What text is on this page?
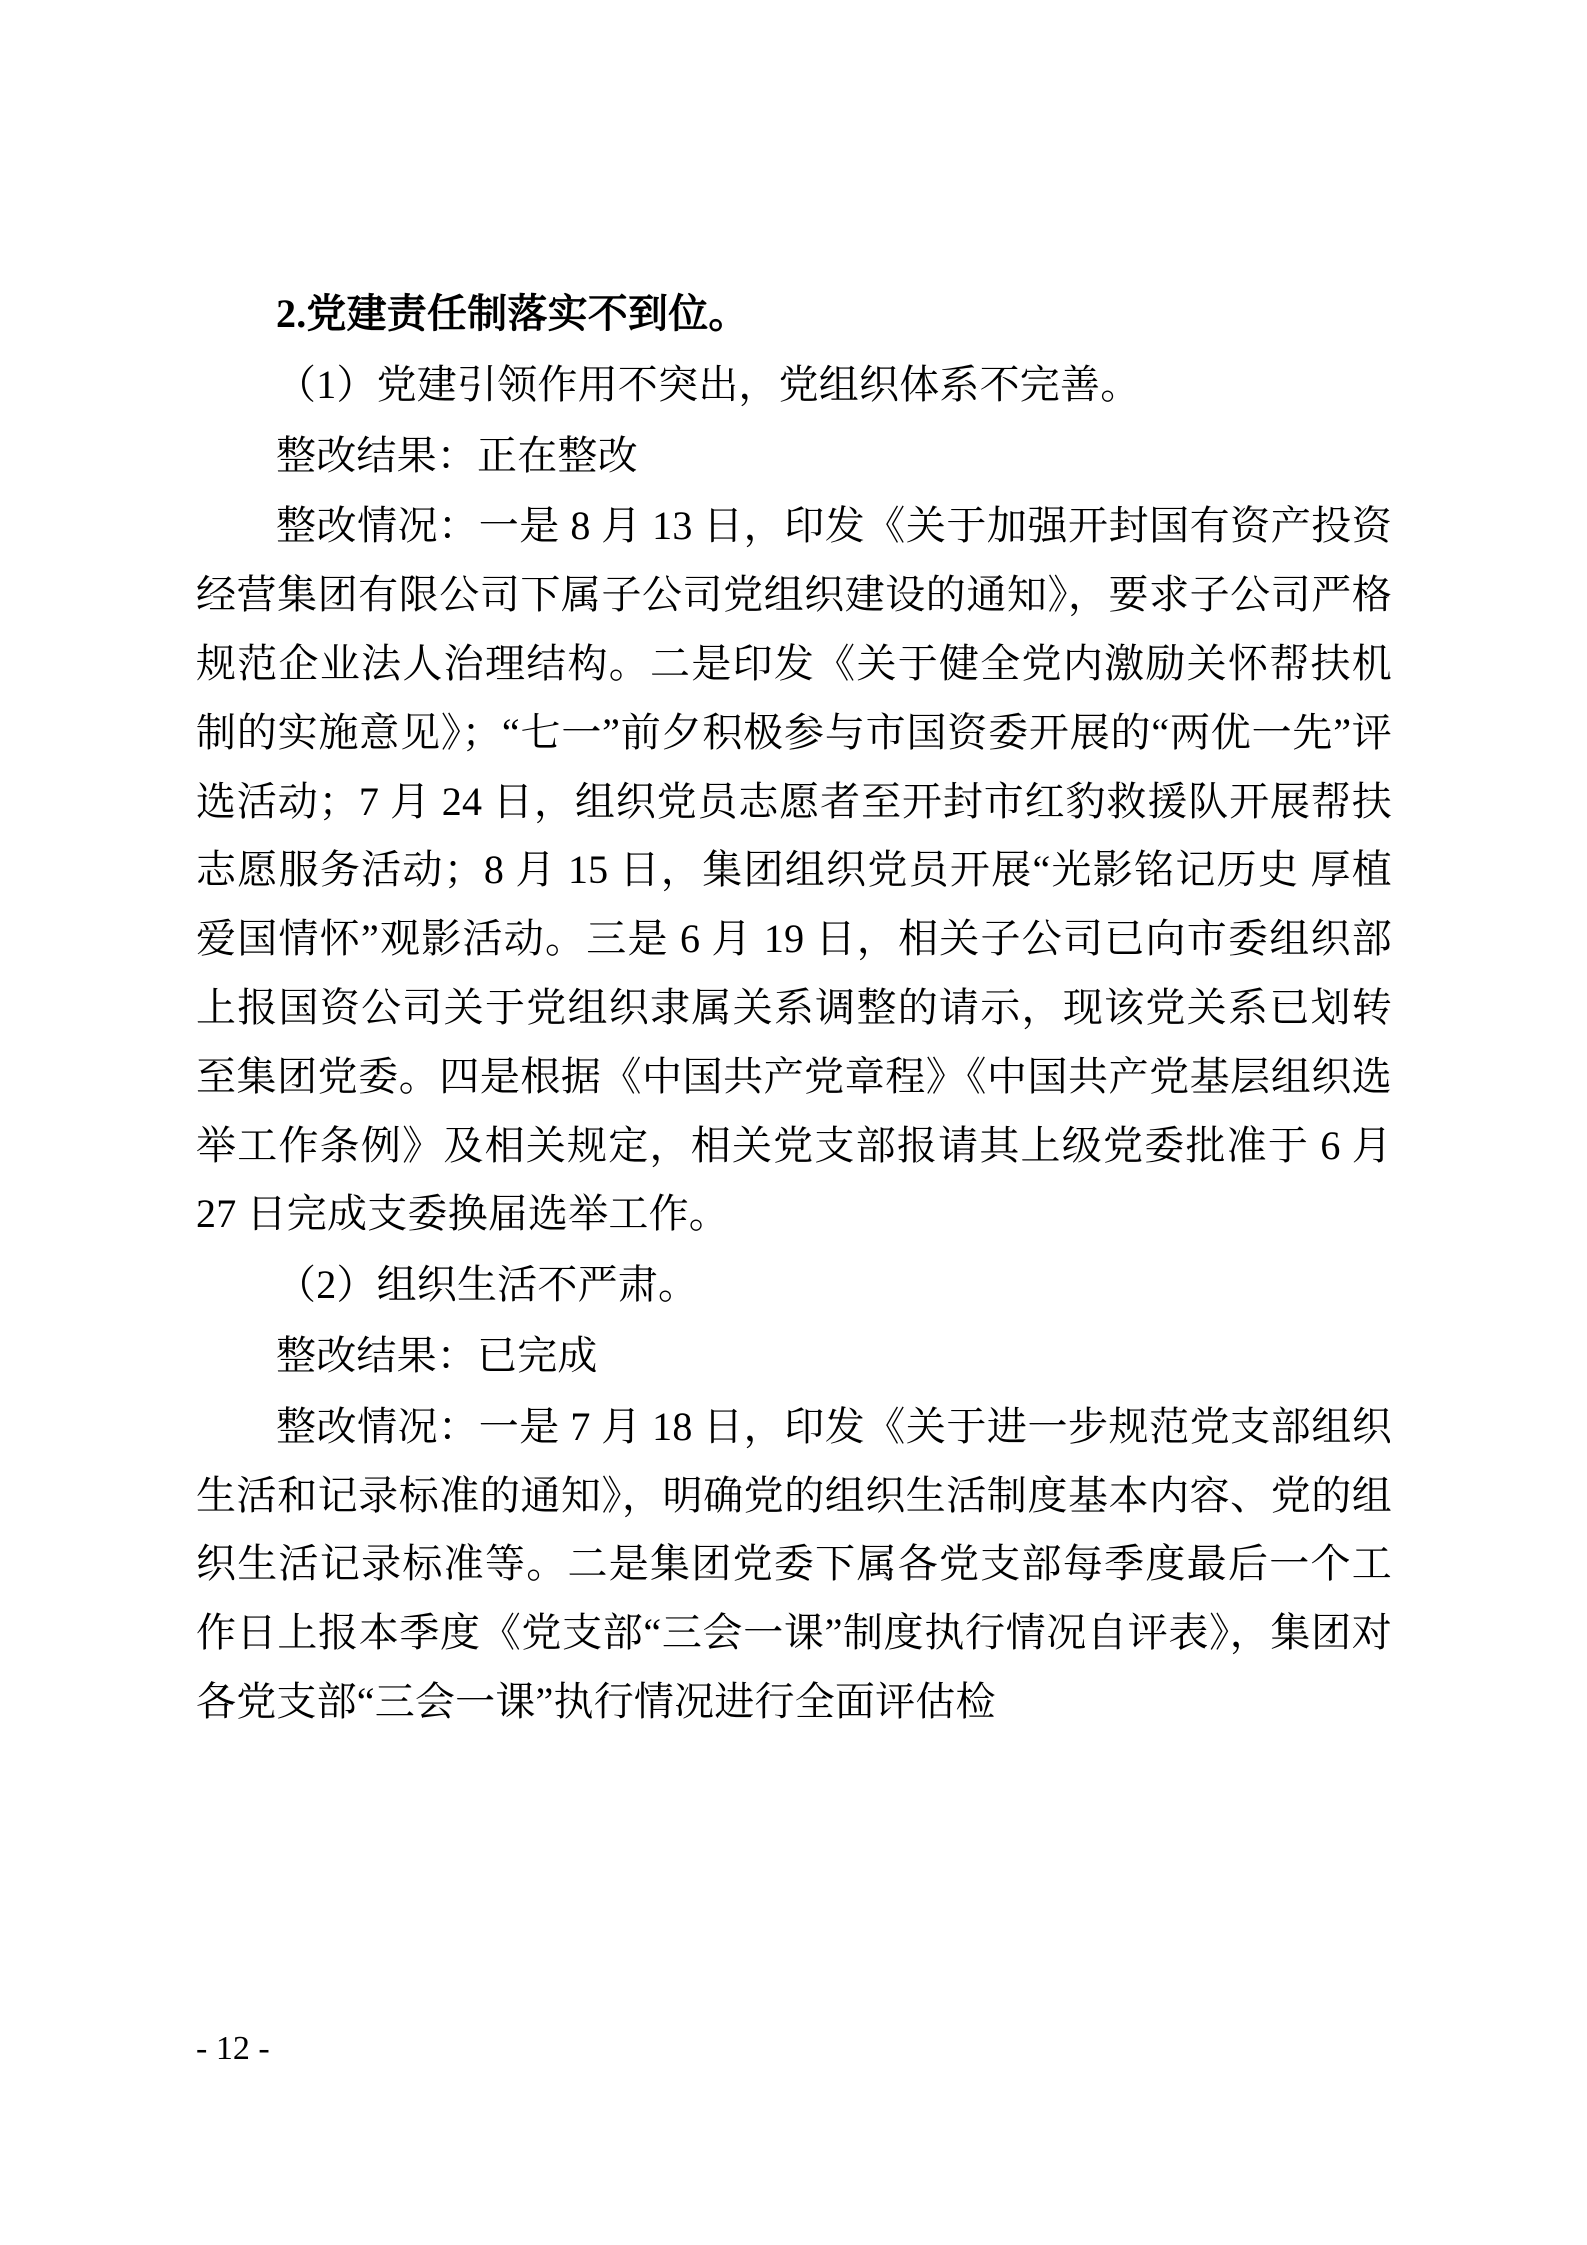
2.党建责任制落实不到位。

（1）党建引领作用不突出，党组织体系不完善。

整改结果：正在整改

整改情况：一是 8 月 13 日，印发《关于加强开封国有资产投资经营集团有限公司下属子公司党组织建设的通知》，要求子公司严格规范企业法人治理结构。二是印发《关于健全党内激励关怀帮扶机制的实施意见》；“七一”前夕积极参与市国资委开展的“两优一先”评选活动；7 月 24 日，组织党员志愿者至开封市红豹救援队开展帮扶志愿服务活动；8 月 15 日，集团组织党员开展“光影铭记历史 厚植爱国情怀”观影活动。三是 6 月 19 日，相关子公司已向市委组织部上报国资公司关于党组织隶属关系调整的请示，现该党关系已划转至集团党委。四是根据《中国共产党章程》《中国共产党基层组织选举工作条例》及相关规定，相关党支部报请其上级党委批准于 6 月 27 日完成支委换届选举工作。

（2）组织生活不严肃。

整改结果：已完成

整改情况：一是 7 月 18 日，印发《关于进一步规范党支部组织生活和记录标准的通知》，明确党的组织生活制度基本内容、党的组织生活记录标准等。二是集团党委下属各党支部每季度最后一个工作日上报本季度《党支部“三会一课”制度执行情况自评表》，集团对各党支部“三会一课”执行情况进行全面评估检

- 12 -
